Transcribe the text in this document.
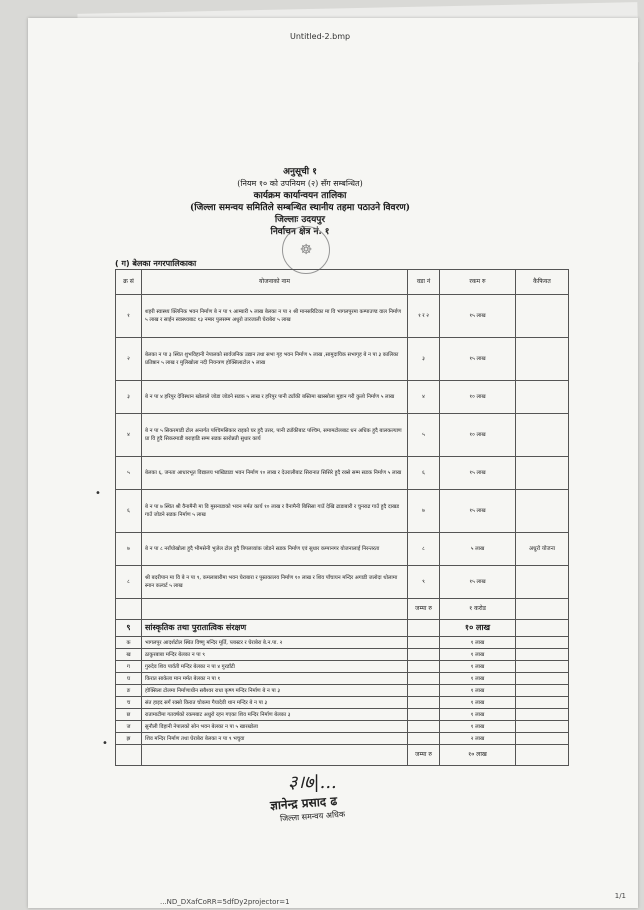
Untitled-2.bmp
अनुसूची १
(नियम १० को उपनियम (२) सँग सम्बन्धित)
कार्यक्रम कार्यान्वयन तालिका
(जिल्ला समन्वय समितिले सम्बन्धित स्थानीय तहमा पठाउने विवरण)
जिल्लाः उदयपुर
निर्वाचन क्षेत्र नं. १
☸
( ग) बेलका नगरपालिकाका
•
•
क्र सं	योजनाको नाम	वडा नं	रकम रु	कैफियत
१	शहरी स्वास्थ्य क्लिनिक भवन निर्माण बे न पा ९ आम्बारी ५ लाख बेलका न पा २ श्री मानसरिटिका मा वि भागलपुरमा कम्पाउण्ड वाल निर्माण ५ लाख र साईन स्वास्थ्यबाट १३ नम्बर पुलसम्म अधुरो तारजाली घेराबेरा ५ लाख	१ र २	१५ लाख	
२	बेलका न पा ३ स्थित शुभविहानी नेपालको सार्वजनिक उद्यान तथा सभा गृह भवन निर्माण ५ लाख ,सामुदायिक सभागृह बे न पा ३ कालिका प्रतिष्ठान ५ लाख र मुलिखोला नदी नियन्त्रण होक्सिलाटोल ५ लाख	३	१५ लाख	
३	बे न पा ४ हरिपुर देविस्थान खोलाले जोडा जोडने सडक ५ लाख र हरिपुर पानी ट्याँकी बस्तिमा खास्सोला मुहान गरी कुलो निर्माण ५ लाख	४	१० लाख	
४	बे न पा ५ सिकरमाडी टोल अन्तर्गत पश्चिमसिकार राइको घर हुदै उत्तर, पानी ट्याँकीबाट पश्चिम, समामटोलबाट धन अधिक हुदै बालकल्याण प्रा वि हुदै सिकरमाडी बराहाडि सम्म सडक स्तरोन्नती सुधार कार्य	५	१० लाख	
५	बेलका ६, जनता आधारभूत विद्यालय भाखिडाडा भवन निर्माण १० लाख र देउरालीबाट सिरानात सिसिरे हुदै रक्से सम्म सडक निर्माण ५ लाख	६	१५ लाख	
६	बे न पा ७ स्थित श्री वैनामैनी मा वि मुसनाडाको भवन मर्मत कार्य १० लाख र वैनामैनी बिसिसा गाउँ देखि ढाडाबारी र चुनराढ गाउँ हुदै दाखड गाउँ जोडने सडक निर्माण ५ लाख	७	१५ लाख	
७	बे न पा ८ नराँयोखोला हुदै भीमसेनी भुजेल टोल हुदै त्रिपलव्यांक जोडने सडक निर्माण एवं सुधार कम्पानगर योजनालाई निरन्तरता	८	५ लाख	अधुरो योजना
८	श्री बदरीपान मा वि बे न पा ९, कमलाबारीमा भवन घेराबारा र पुस्तकालय निर्माण १० लाख र शिव पाँचायन मन्दिर अगाडी जलोदा थोलामा स्नान कल्वर्ट ५ लाख	९	१५ लाख	
		जम्मा रु	१ करोड	
९	सांस्कृतिक तथा पुरातात्विक संरक्षण		१० लाख	
क	भागलपुर आदर्शटोल स्थित विष्णु मन्दिर मूर्ति, प्लास्टर र घेराबेरा बे.न.पा. २		१ लाख	
ख	ठाकुरबाबा मन्दिर बेलका न पा ९		१ लाख	
ग	गुरुदेव शिव पार्वती मन्दिर बेलका न पा ४ गुरडाँटी		१ लाख	
घ	किरात साकेला मान मर्मत बेलका न पा १		१ लाख	
ङ	होक्सिला टोलमा निर्माणाधीन सबैश्वर राधा कृष्ण मन्दिर निर्माण बे न पा ३		१ लाख	
च	संत हाइद सगँ रक्सो किरात चोकमा गैयादेवी थान मन्दिर बे न पा ३		१ लाख	
छ	रातामाटीमा गतवर्षको रकमबाट अधुरो रहन गएका शिव मन्दिर निर्माण बेलका ३		१ लाख	
ज	सुनौली विहानी नेपालको सोन भवन बेलका न पा ५ खारखोला		१ लाख	
झ	शिव मन्दिर निर्माण तथा घेराबेरा बेलका न पा ९ भचुवा		२ लाख	
		जम्मा रु	१० लाख	
३।७|...
ज्ञानेन्द्र प्रसाद ढ
जिल्ला समन्वय अधिक
...ND_DXafCoRR=5dfDy2projector=1
1/1
